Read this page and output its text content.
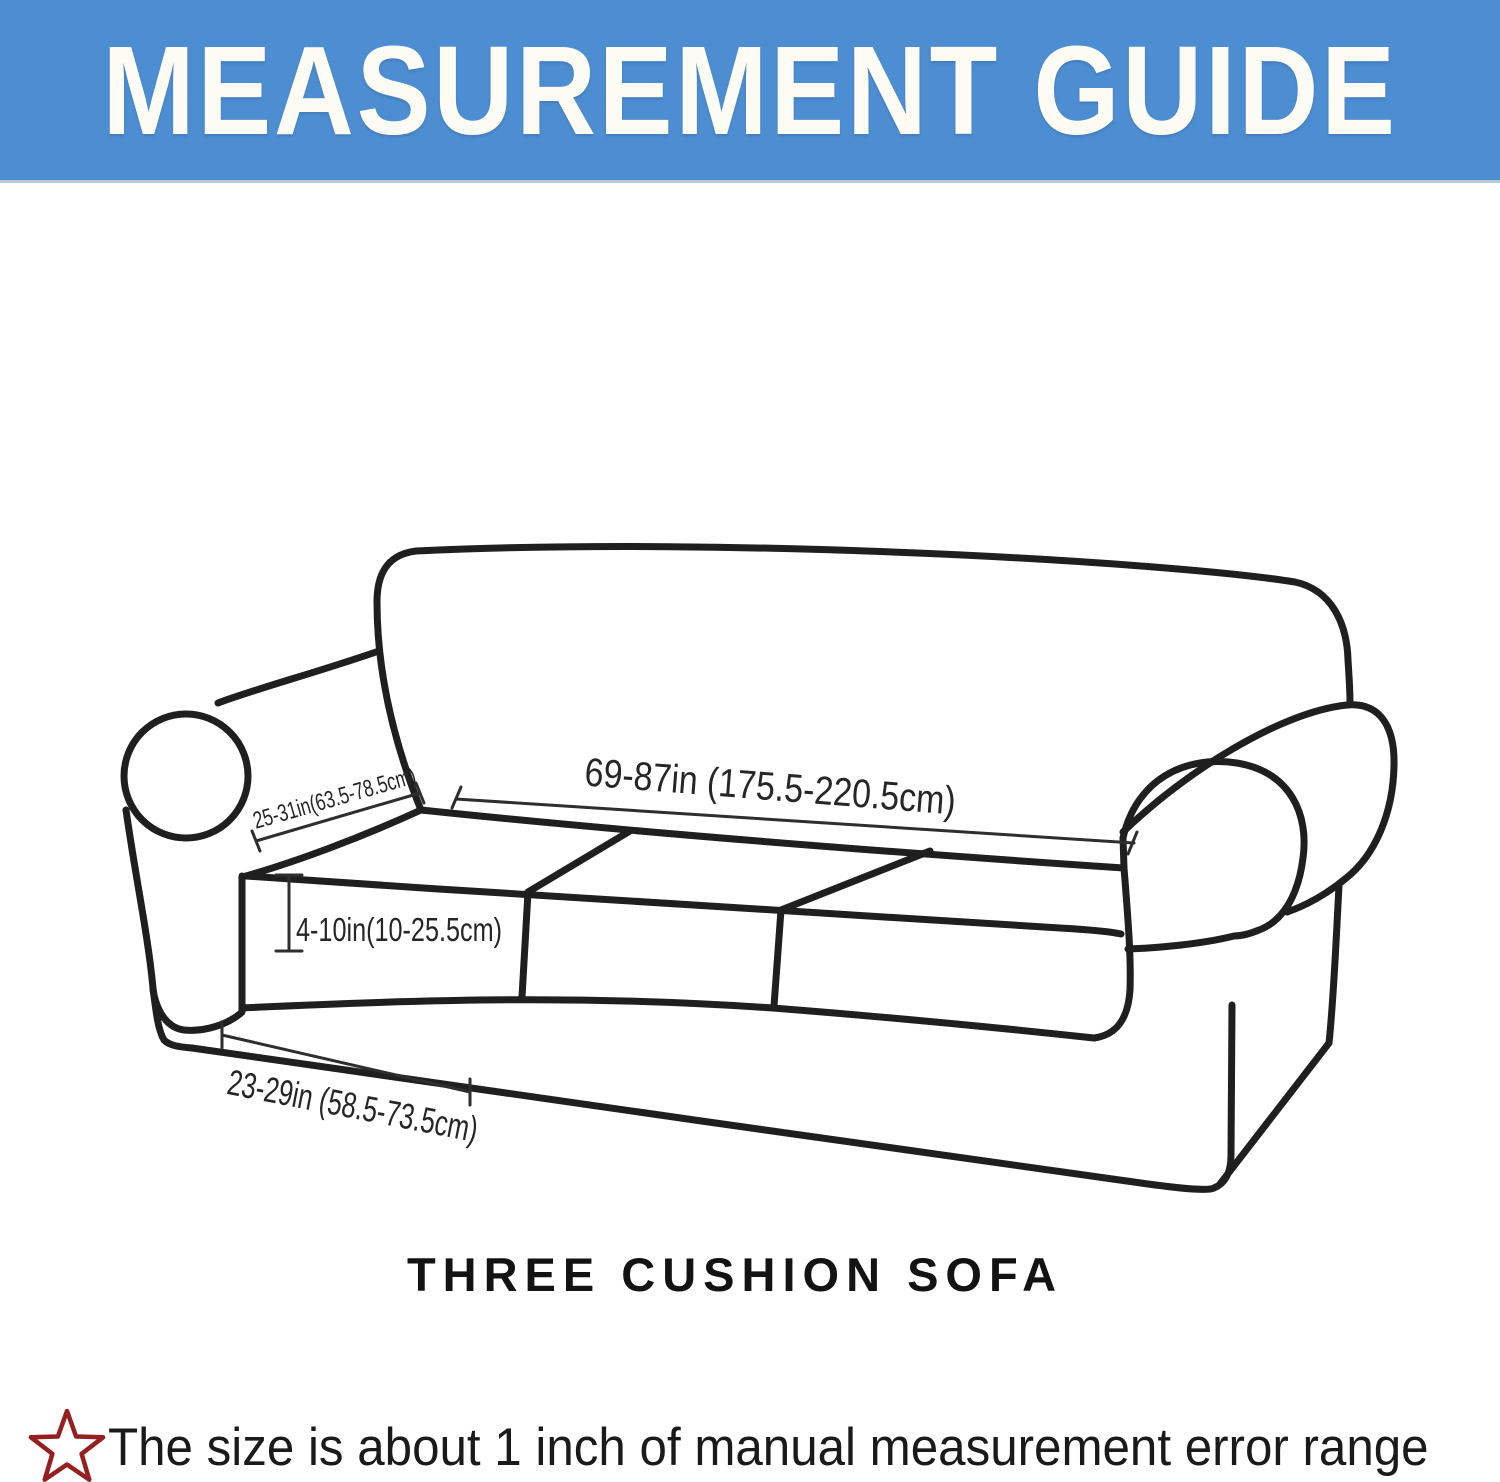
MEASUREMENT GUIDE
69-87in (175.5-220.5cm)
25-31in(63.5-78.5cm)
4-10in(10-25.5cm)
23-29in (58.5-73.5cm)
THREE CUSHION SOFA
The size is about 1 inch of manual measurement error range
